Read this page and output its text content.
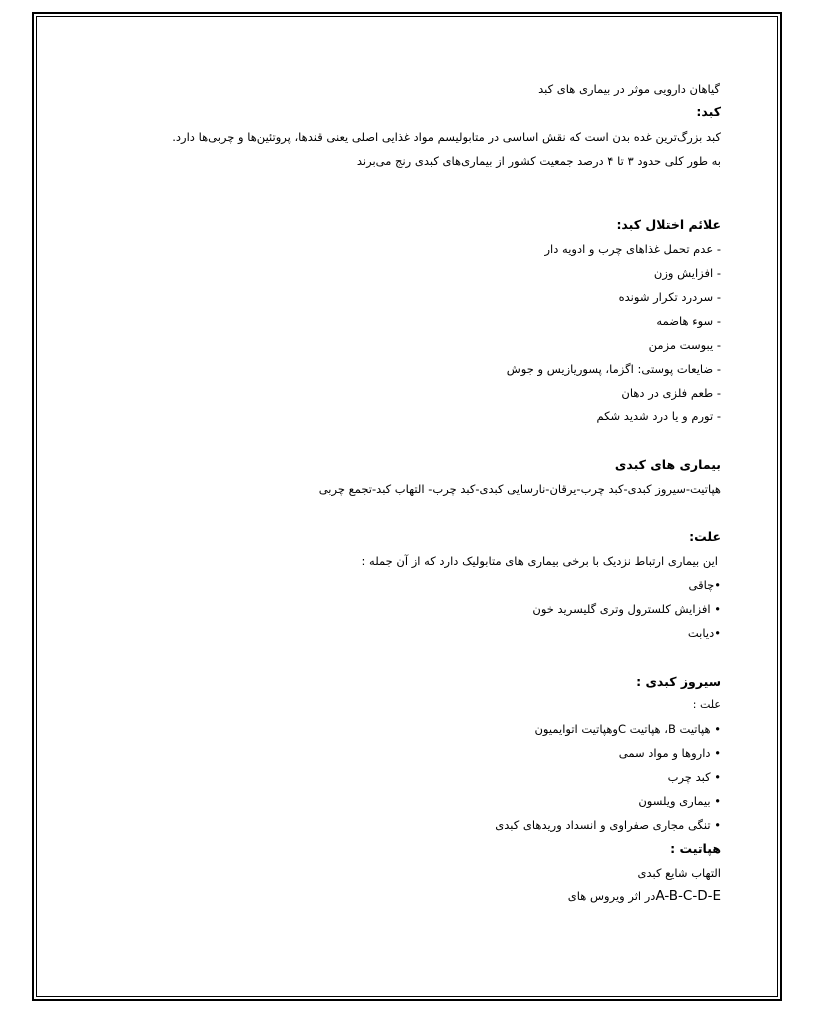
گیاهان دارویی موثر در بیماری های کبد
کبد:
کبد بزرگ‌ترین غده بدن است که نقش اساسی در متابولیسم مواد غذایی اصلی یعنی قندها، پروتئین‌ها و چربی‌ها دارد.
به طور کلی حدود ۳ تا ۴ درصد جمعیت کشور از بیماری‌های کبدی رنج می‌برند
علائم اختلال کبد:
- عدم تحمل غذاهای چرب و ادویه دار
- افزایش وزن
- سردرد تکرار شونده
- سوء هاضمه
- یبوست مزمن
- ضایعات پوستی: اگزما، پسوریازیس و جوش
- طعم فلزی در دهان
- تورم و یا درد شدید شکم
بیماری های کبدی
هپاتیت-سیروز کبدی-کبد چرب-یرقان-نارسایی کبدی-کبد چرب- التهاب کبد-تجمع چربی
علت:
این بیماری ارتباط نزدیک با برخی بیماری های متابولیک دارد که از آن جمله :
•چاقی
• افزایش کلسترول وتری گلیسرید خون
•دیابت
سیروز کبدی :
علت :
• هپاتیت B، هپاتیت Cوهپاتیت اتوایمیون
• داروها و مواد سمی
• کبد چرب
• بیماری ویلسون
• تنگی مجاری صفراوی و انسداد وریدهای کبدی
هپاتیت :
التهاب شایع کبدی
A-B-C-D-Eدر اثر ویروس های
